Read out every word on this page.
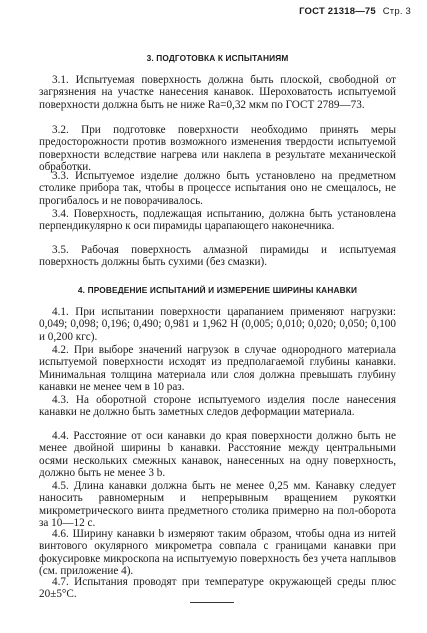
ГОСТ 21318—75 Стр. 3
3. ПОДГОТОВКА К ИСПЫТАНИЯМ

3.1. Испытуемая поверхность должна быть плоской, свободной от загрязнения на участке нанесения канавок. Шероховатость испытуемой поверхности должна быть не ниже Ra=0,32 мкм по ГОСТ 2789—73.

3.2. При подготовке поверхности необходимо принять меры предосторожности против возможного изменения твердости испытуемой поверхности вследствие нагрева или наклепа в результате механической обработки.

3.3. Испытуемое изделие должно быть установлено на предметном столике прибора так, чтобы в процессе испытания оно не смещалось, не прогибалось и не поворачивалось.

3.4. Поверхность, подлежащая испытанию, должна быть установлена перпендикулярно к оси пирамиды царапающего наконечника.

3.5. Рабочая поверхность алмазной пирамиды и испытуемая поверхность должны быть сухими (без смазки).

4. ПРОВЕДЕНИЕ ИСПЫТАНИЙ И ИЗМЕРЕНИЕ ШИРИНЫ КАНАВКИ

4.1. При испытании поверхности царапанием применяют нагрузки: 0,049; 0,098; 0,196; 0,490; 0,981 и 1,962 Н (0,005; 0,010; 0,020; 0,050; 0,100 и 0,200 кгс).

4.2. При выборе значений нагрузок в случае однородного материала испытуемой поверхности исходят из предполагаемой глубины канавки. Минимальная толщина материала или слоя должна превышать глубину канавки не менее чем в 10 раз.

4.3. На оборотной стороне испытуемого изделия после нанесения канавки не должно быть заметных следов деформации материала.

4.4. Расстояние от оси канавки до края поверхности должно быть не менее двойной ширины b канавки. Расстояние между центральными осями нескольких смежных канавок, нанесенных на одну поверхность, должно быть не менее 3 b.

4.5. Длина канавки должна быть не менее 0,25 мм. Канавку следует наносить равномерным и непрерывным вращением рукоятки микрометрического винта предметного столика примерно на пол-оборота за 10—12 с.

4.6. Ширину канавки b измеряют таким образом, чтобы одна из нитей винтового окулярного микрометра совпала с границами канавки при фокусировке микроскопа на испытуемую поверхность без учета наплывов (см. приложение 4).

4.7. Испытания проводят при температуре окружающей среды плюс 20±5°С.
